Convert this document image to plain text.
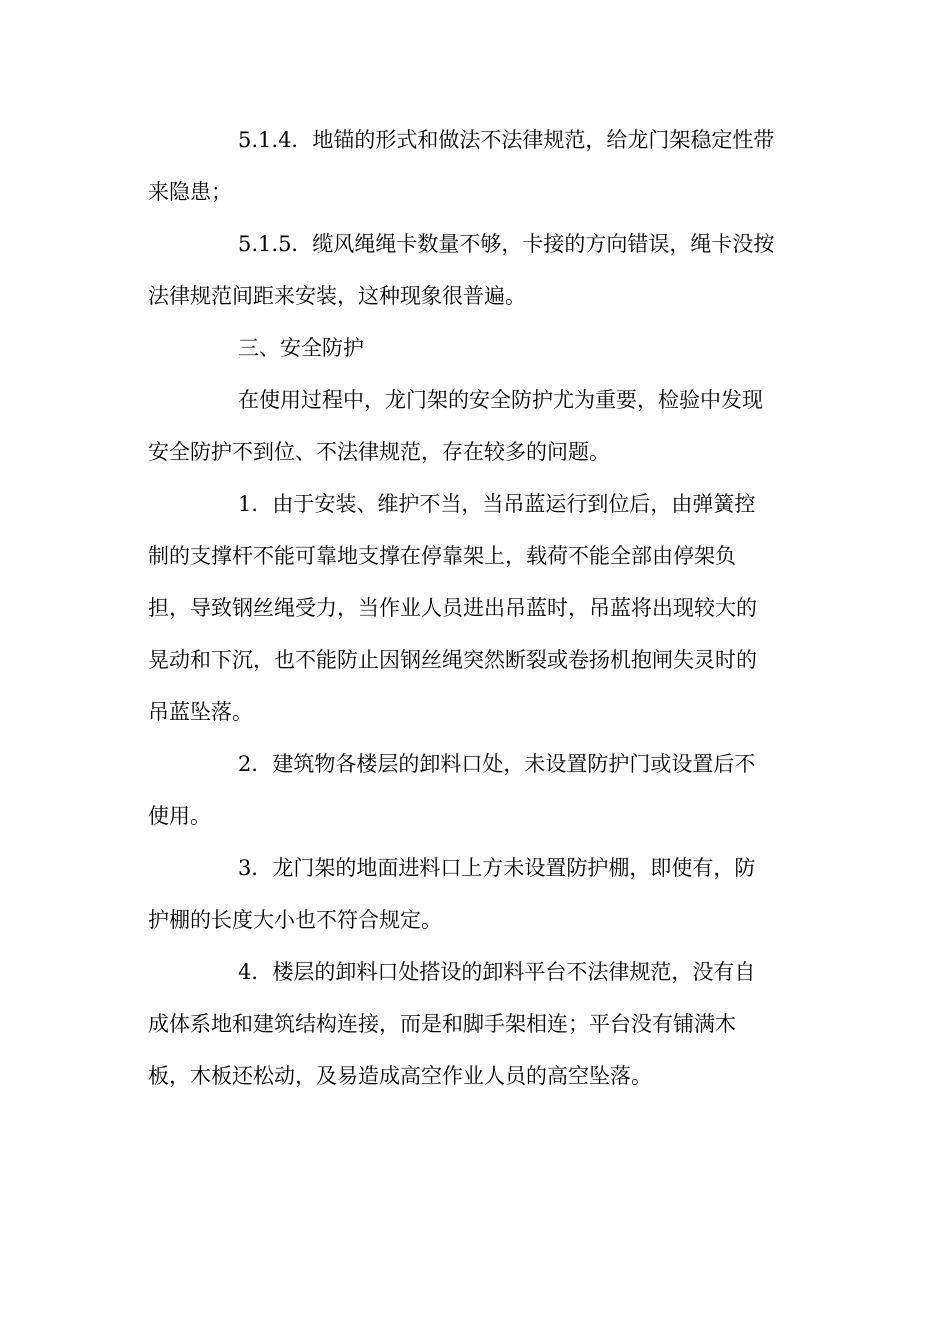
5.1.4．地锚的形式和做法不法律规范，给龙门架稳定性带
来隐患；

5.1.5．缆风绳绳卡数量不够，卡接的方向错误，绳卡没按
法律规范间距来安装，这种现象很普遍。

三、安全防护

在使用过程中，龙门架的安全防护尤为重要，检验中发现
安全防护不到位、不法律规范，存在较多的问题。

1．由于安装、维护不当，当吊蓝运行到位后，由弹簧控
制的支撑杆不能可靠地支撑在停靠架上，载荷不能全部由停架负
担，导致钢丝绳受力，当作业人员进出吊蓝时，吊蓝将出现较大的
晃动和下沉，也不能防止因钢丝绳突然断裂或卷扬机抱闸失灵时的
吊蓝坠落。

2．建筑物各楼层的卸料口处，未设置防护门或设置后不
使用。

3．龙门架的地面进料口上方未设置防护棚，即使有，防
护棚的长度大小也不符合规定。

4．楼层的卸料口处搭设的卸料平台不法律规范，没有自
成体系地和建筑结构连接，而是和脚手架相连；平台没有铺满木
板，木板还松动，及易造成高空作业人员的高空坠落。
